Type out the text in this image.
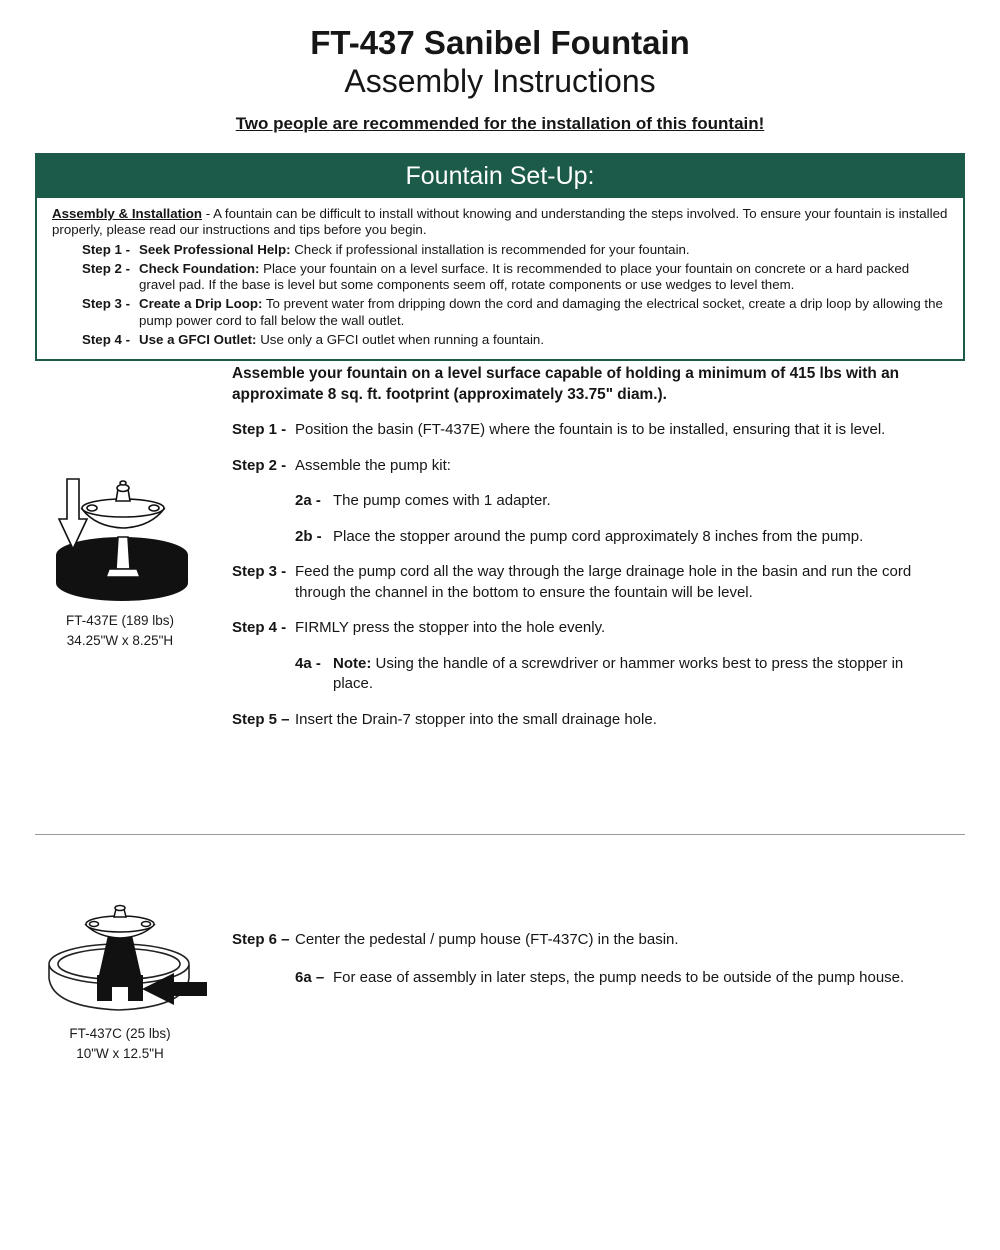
FT-437 Sanibel Fountain
Assembly Instructions
Two people are recommended for the installation of this fountain!
Fountain Set-Up:
Assembly & Installation - A fountain can be difficult to install without knowing and understanding the steps involved. To ensure your fountain is installed properly, please read our instructions and tips before you begin.
Step 1 - Seek Professional Help: Check if professional installation is recommended for your fountain.
Step 2 - Check Foundation: Place your fountain on a level surface. It is recommended to place your fountain on concrete or a hard packed gravel pad. If the base is level but some components seem off, rotate components or use wedges to level them.
Step 3 - Create a Drip Loop: To prevent water from dripping down the cord and damaging the electrical socket, create a drip loop by allowing the pump power cord to fall below the wall outlet.
Step 4 - Use a GFCI Outlet: Use only a GFCI outlet when running a fountain.
FT-437E (189 lbs)
34.25"W x 8.25"H
Assemble your fountain on a level surface capable of holding a minimum of 415 lbs with an approximate 8 sq. ft. footprint (approximately 33.75" diam.).
Step 1 - Position the basin (FT-437E) where the fountain is to be installed, ensuring that it is level.
Step 2 - Assemble the pump kit:
2a - The pump comes with 1 adapter.
2b - Place the stopper around the pump cord approximately 8 inches from the pump.
Step 3 - Feed the pump cord all the way through the large drainage hole in the basin and run the cord through the channel in the bottom to ensure the fountain will be level.
Step 4 - FIRMLY press the stopper into the hole evenly.
4a - Note: Using the handle of a screwdriver or hammer works best to press the stopper in place.
Step 5 – Insert the Drain-7 stopper into the small drainage hole.
FT-437C (25 lbs)
10"W x 12.5"H
Step 6 – Center the pedestal / pump house (FT-437C) in the basin.
6a – For ease of assembly in later steps, the pump needs to be outside of the pump house.
